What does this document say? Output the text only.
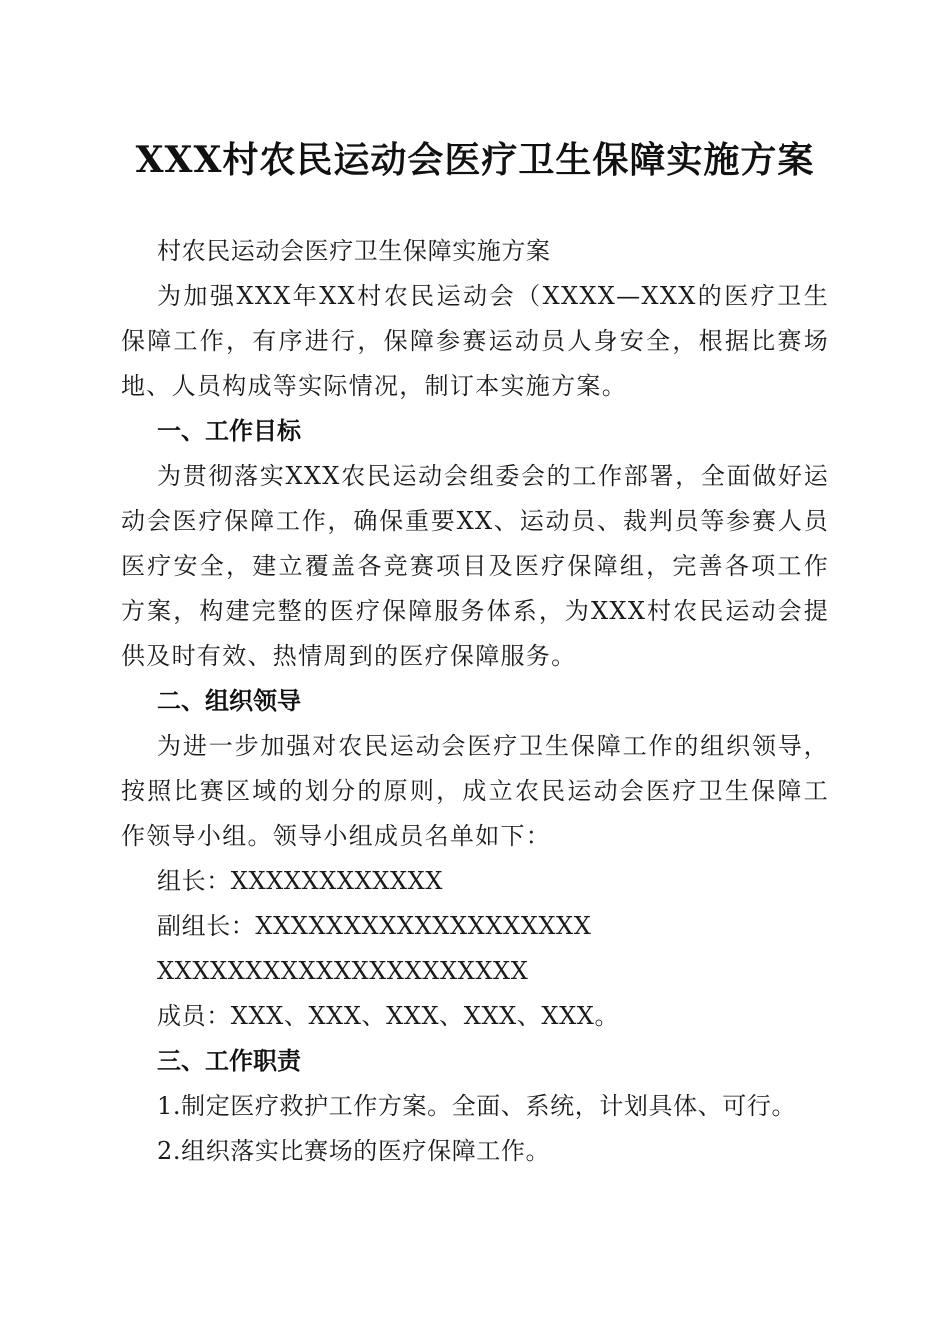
XXX村农民运动会医疗卫生保障实施方案

村农民运动会医疗卫生保障实施方案

为加强XXX年XX村农民运动会（XXXX—XXX的医疗卫生保障工作，有序进行，保障参赛运动员人身安全，根据比赛场地、人员构成等实际情况，制订本实施方案。

一、工作目标

为贯彻落实XXX农民运动会组委会的工作部署，全面做好运动会医疗保障工作，确保重要XX、运动员、裁判员等参赛人员医疗安全，建立覆盖各竞赛项目及医疗保障组，完善各项工作方案，构建完整的医疗保障服务体系，为XXX村农民运动会提供及时有效、热情周到的医疗保障服务。

二、组织领导

为进一步加强对农民运动会医疗卫生保障工作的组织领导，按照比赛区域的划分的原则，成立农民运动会医疗卫生保障工作领导小组。领导小组成员名单如下：

组长：XXXXXXXXXXXX
副组长：XXXXXXXXXXXXXXXXXXX
XXXXXXXXXXXXXXXXXXXXX
成员：XXX、XXX、XXX、XXX、XXX。
三、工作职责
1.制定医疗救护工作方案。全面、系统，计划具体、可行。
2.组织落实比赛场的医疗保障工作。
